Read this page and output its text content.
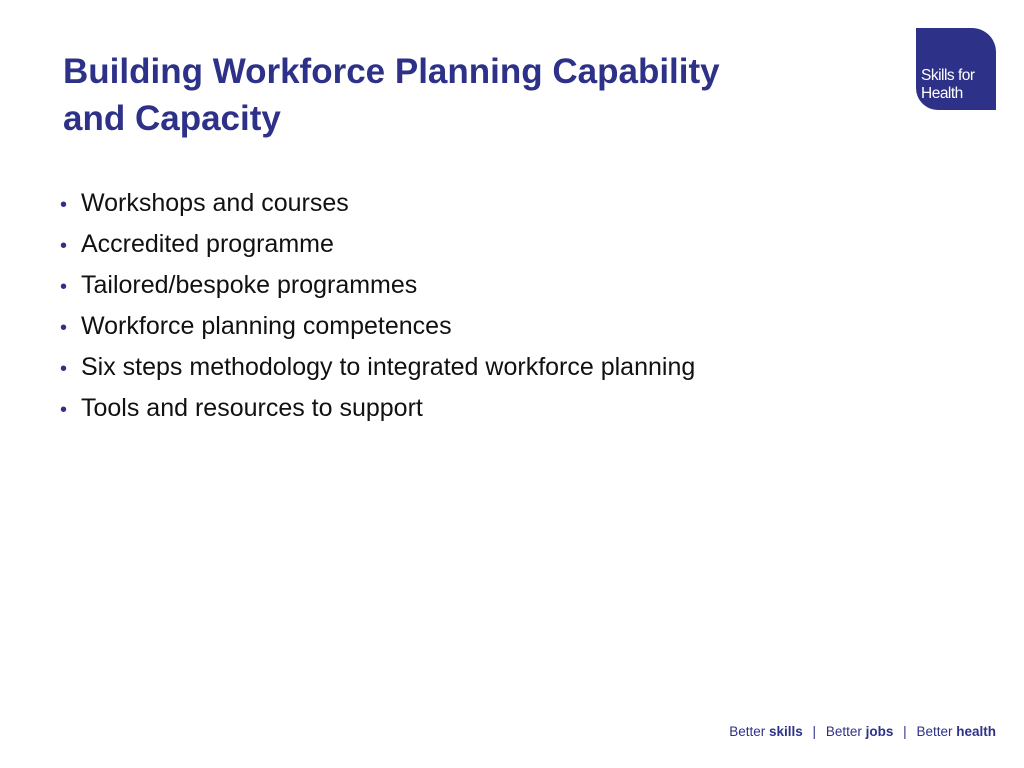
Building Workforce Planning Capability
and Capacity
Skills for
Health
• Workshops and courses
• Accredited programme
• Tailored/bespoke programmes
• Workforce planning competences
• Six steps methodology to integrated workforce planning
• Tools and resources to support
Better skills | Better jobs | Better health
